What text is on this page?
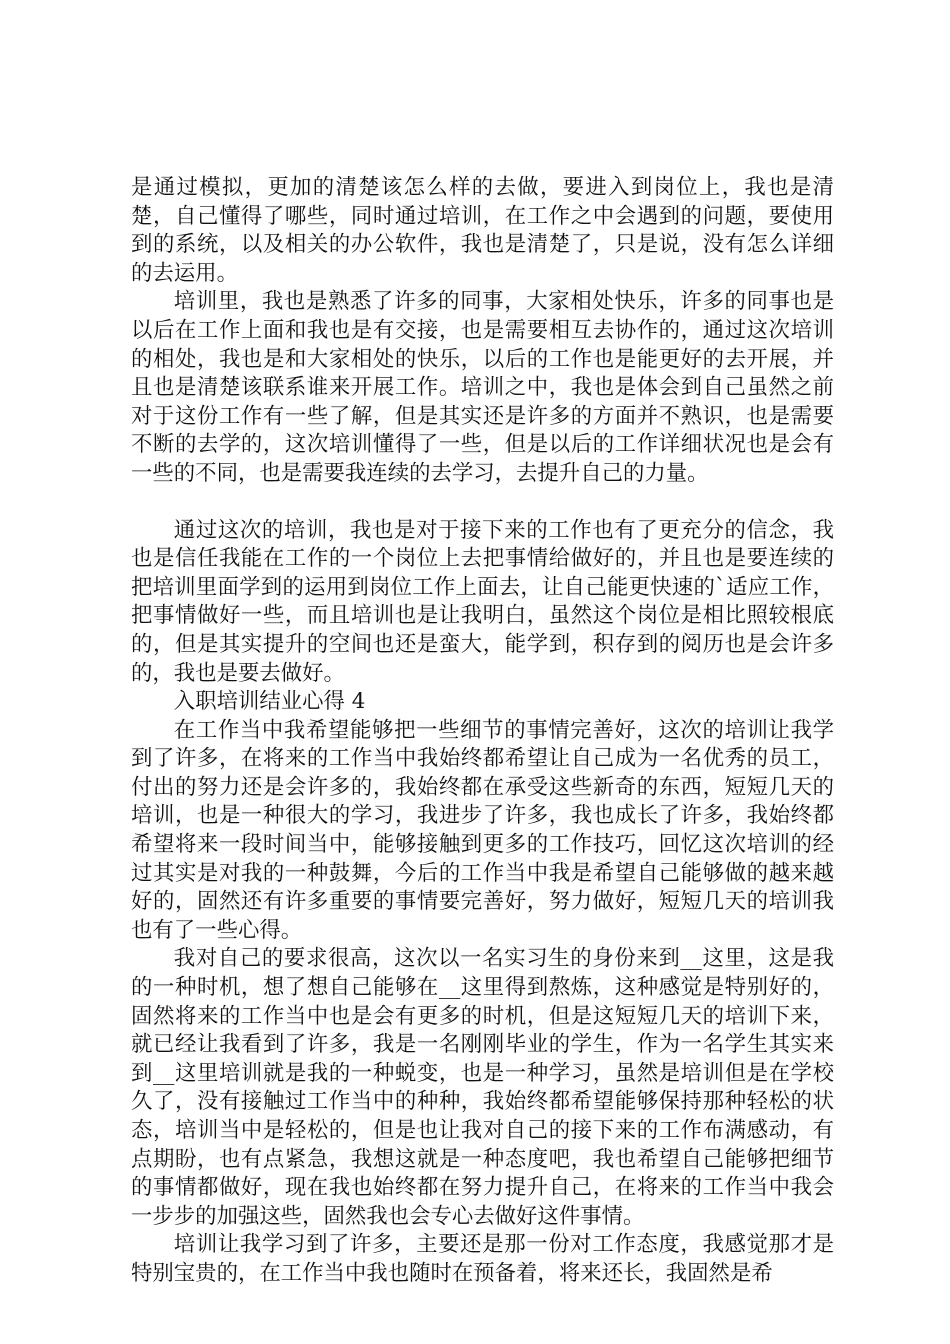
是通过模拟，更加的清楚该怎么样的去做，要进入到岗位上，我也是清楚，自己懂得了哪些，同时通过培训，在工作之中会遇到的问题，要使用到的系统，以及相关的办公软件，我也是清楚了，只是说，没有怎么详细的去运用。

培训里，我也是熟悉了许多的同事，大家相处快乐，许多的同事也是以后在工作上面和我也是有交接，也是需要相互去协作的，通过这次培训的相处，我也是和大家相处的快乐，以后的工作也是能更好的去开展，并且也是清楚该联系谁来开展工作。培训之中，我也是体会到自己虽然之前对于这份工作有一些了解，但是其实还是许多的方面并不熟识，也是需要不断的去学的，这次培训懂得了一些，但是以后的工作详细状况也是会有一些的不同，也是需要我连续的去学习，去提升自己的力量。

通过这次的培训，我也是对于接下来的工作也有了更充分的信念，我也是信任我能在工作的一个岗位上去把事情给做好的，并且也是要连续的把培训里面学到的运用到岗位工作上面去，让自己能更快速的`适应工作，把事情做好一些，而且培训也是让我明白，虽然这个岗位是相比照较根底的，但是其实提升的空间也还是蛮大，能学到，积存到的阅历也是会许多的，我也是要去做好。

入职培训结业心得 4

在工作当中我希望能够把一些细节的事情完善好，这次的培训让我学到了许多，在将来的工作当中我始终都希望让自己成为一名优秀的员工，付出的努力还是会许多的，我始终都在承受这些新奇的东西，短短几天的培训，也是一种很大的学习，我进步了许多，我也成长了许多，我始终都希望将来一段时间当中，能够接触到更多的工作技巧，回忆这次培训的经过其实是对我的一种鼓舞，今后的工作当中我是希望自己能够做的越来越好的，固然还有许多重要的事情要完善好，努力做好，短短几天的培训我也有了一些心得。

我对自己的要求很高，这次以一名实习生的身份来到__这里，这是我的一种时机，想了想自己能够在__这里得到熬炼，这种感觉是特别好的，固然将来的工作当中也是会有更多的时机，但是这短短几天的培训下来，就已经让我看到了许多，我是一名刚刚毕业的学生，作为一名学生其实来到__这里培训就是我的一种蜕变，也是一种学习，虽然是培训但是在学校久了，没有接触过工作当中的种种，我始终都希望能够保持那种轻松的状态，培训当中是轻松的，但是也让我对自己的接下来的工作布满感动，有点期盼，也有点紧急，我想这就是一种态度吧，我也希望自己能够把细节的事情都做好，现在我也始终都在努力提升自己，在将来的工作当中我会一步步的加强这些，固然我也会专心去做好这件事情。

培训让我学习到了许多，主要还是那一份对工作态度，我感觉那才是特别宝贵的，在工作当中我也随时在预备着，将来还长，我固然是希
